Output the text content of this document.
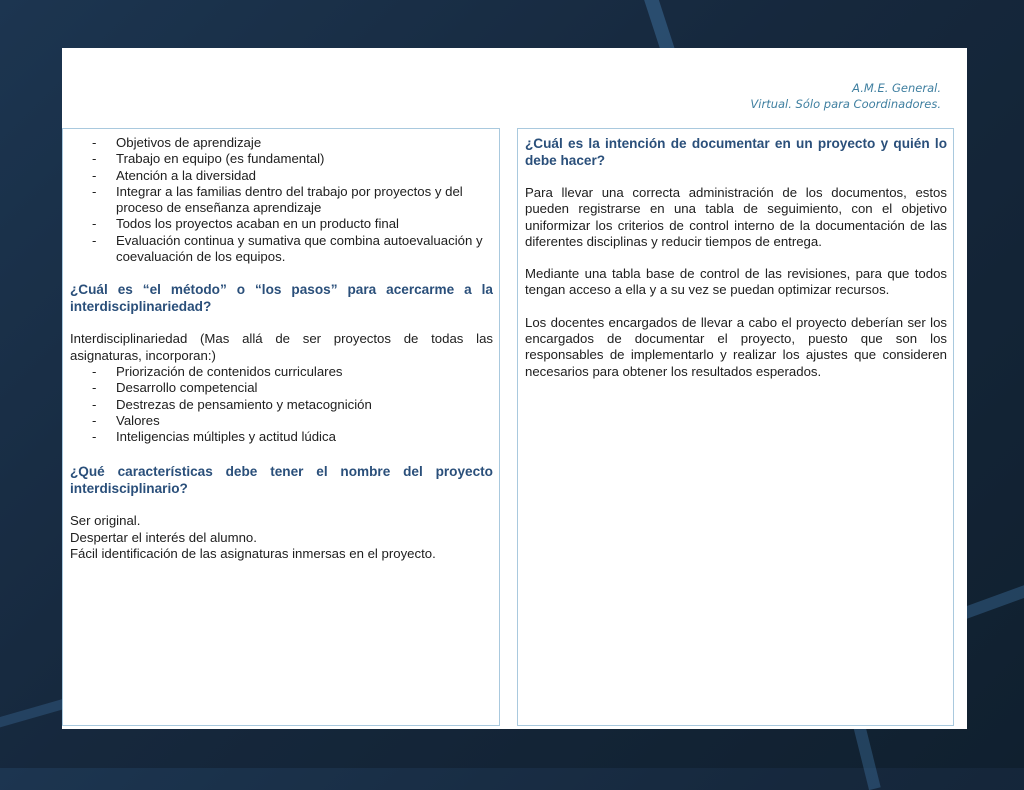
A.M.E. General.
Virtual. Sólo para Coordinadores.
- Objetivos de aprendizaje
- Trabajo en equipo (es fundamental)
- Atención a la diversidad
- Integrar a las familias dentro del trabajo por proyectos y del proceso de enseñanza aprendizaje
- Todos los proyectos acaban en un producto final
- Evaluación continua y sumativa que combina autoevaluación y coevaluación de los equipos.
¿Cuál es “el método” o “los pasos” para acercarme a la interdisciplinariedad?

Interdisciplinariedad (Mas allá de ser proyectos de todas las asignaturas, incorporan:)

- Priorización de contenidos curriculares
- Desarrollo competencial
- Destrezas de pensamiento y metacognición
- Valores
- Inteligencias múltiples y actitud lúdica
¿Qué características debe tener el nombre del proyecto interdisciplinario?

Ser original.

Despertar el interés del alumno.

Fácil identificación de las asignaturas inmersas en el proyecto.

¿Cuál es la intención de documentar en un proyecto y quién lo debe hacer?

Para llevar una correcta administración de los documentos, estos pueden registrarse en una tabla de seguimiento, con el objetivo uniformizar los criterios de control interno de la documentación de las diferentes disciplinas y reducir tiempos de entrega.

Mediante una tabla base de control de las revisiones, para que todos tengan acceso a ella y a su vez se puedan optimizar recursos.

Los docentes encargados de llevar a cabo el proyecto deberían ser los encargados de documentar el proyecto, puesto que son los responsables de implementarlo y realizar los ajustes que consideren necesarios para obtener los resultados esperados.
